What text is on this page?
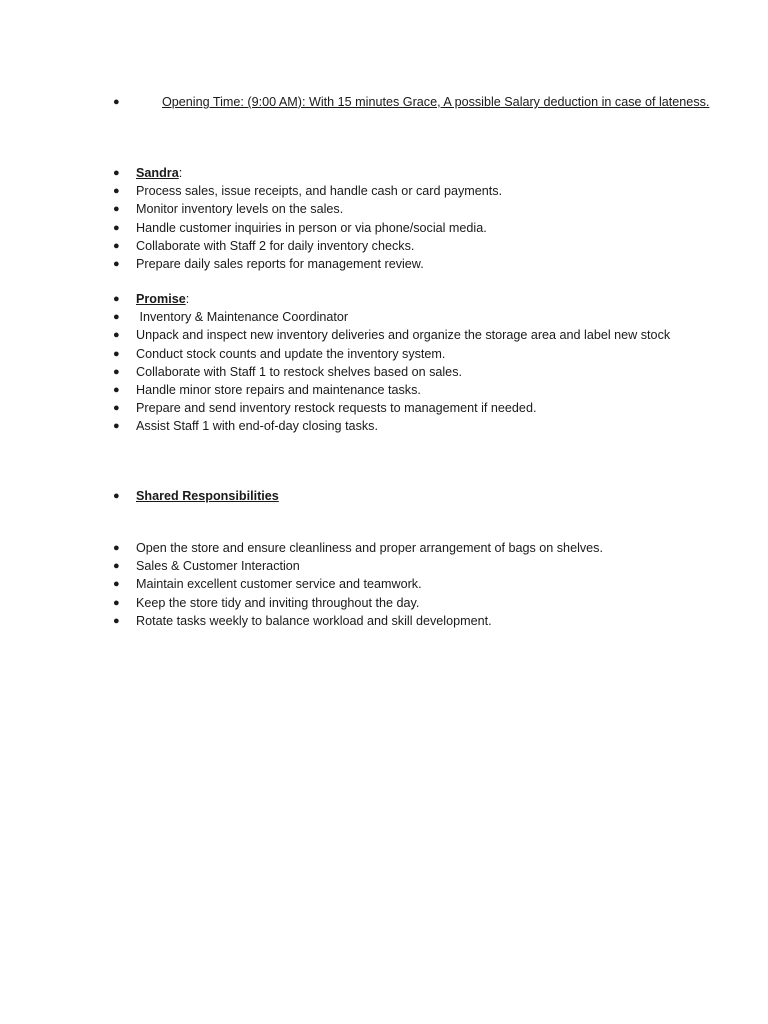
●	Opening Time: (9:00 AM): With 15 minutes Grace, A possible Salary deduction in case of lateness.
● Sandra:
● Process sales, issue receipts, and handle cash or card payments.
● Monitor inventory levels on the sales.
● Handle customer inquiries in person or via phone/social media.
● Collaborate with Staff 2 for daily inventory checks.
● Prepare daily sales reports for management review.
● Promise:
● Inventory & Maintenance Coordinator
● Unpack and inspect new inventory deliveries and organize the storage area and label new stock
● Conduct stock counts and update the inventory system.
● Collaborate with Staff 1 to restock shelves based on sales.
● Handle minor store repairs and maintenance tasks.
● Prepare and send inventory restock requests to management if needed.
● Assist Staff 1 with end-of-day closing tasks.
● Shared Responsibilities
● Open the store and ensure cleanliness and proper arrangement of bags on shelves.
● Sales & Customer Interaction
● Maintain excellent customer service and teamwork.
● Keep the store tidy and inviting throughout the day.
● Rotate tasks weekly to balance workload and skill development.
